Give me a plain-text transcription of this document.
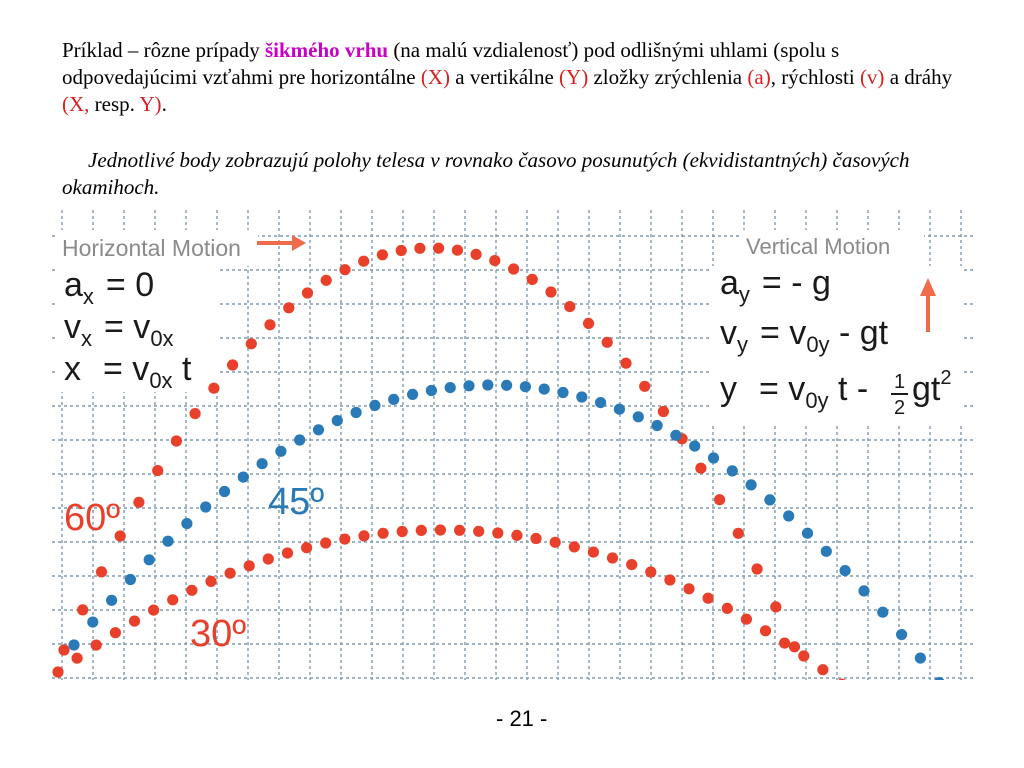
Príklad – rôzne prípady šikmého vrhu (na malú vzdialenosť) pod odlišnými uhlami (spolu s odpovedajúcimi vzťahmi pre horizontálne (X) a vertikálne (Y) zložky zrýchlenia (a), rýchlosti (v) a dráhy (X, resp. Y).
Jednotlivé body zobrazujú polohy telesa v rovnako časovo posunutých (ekvidistantných) časových okamihoch.
Horizontal Motion
$a_x = 0$
$v_x = v_{0x}$
$x = v_{0x}$ t
Vertical Motion
$a_y$ = - g
$v_y = v_{0y}$ - gt
$y = v_{0y}$ t - 1
2 $gt^2$
60º	45º
30º
- 21 -
